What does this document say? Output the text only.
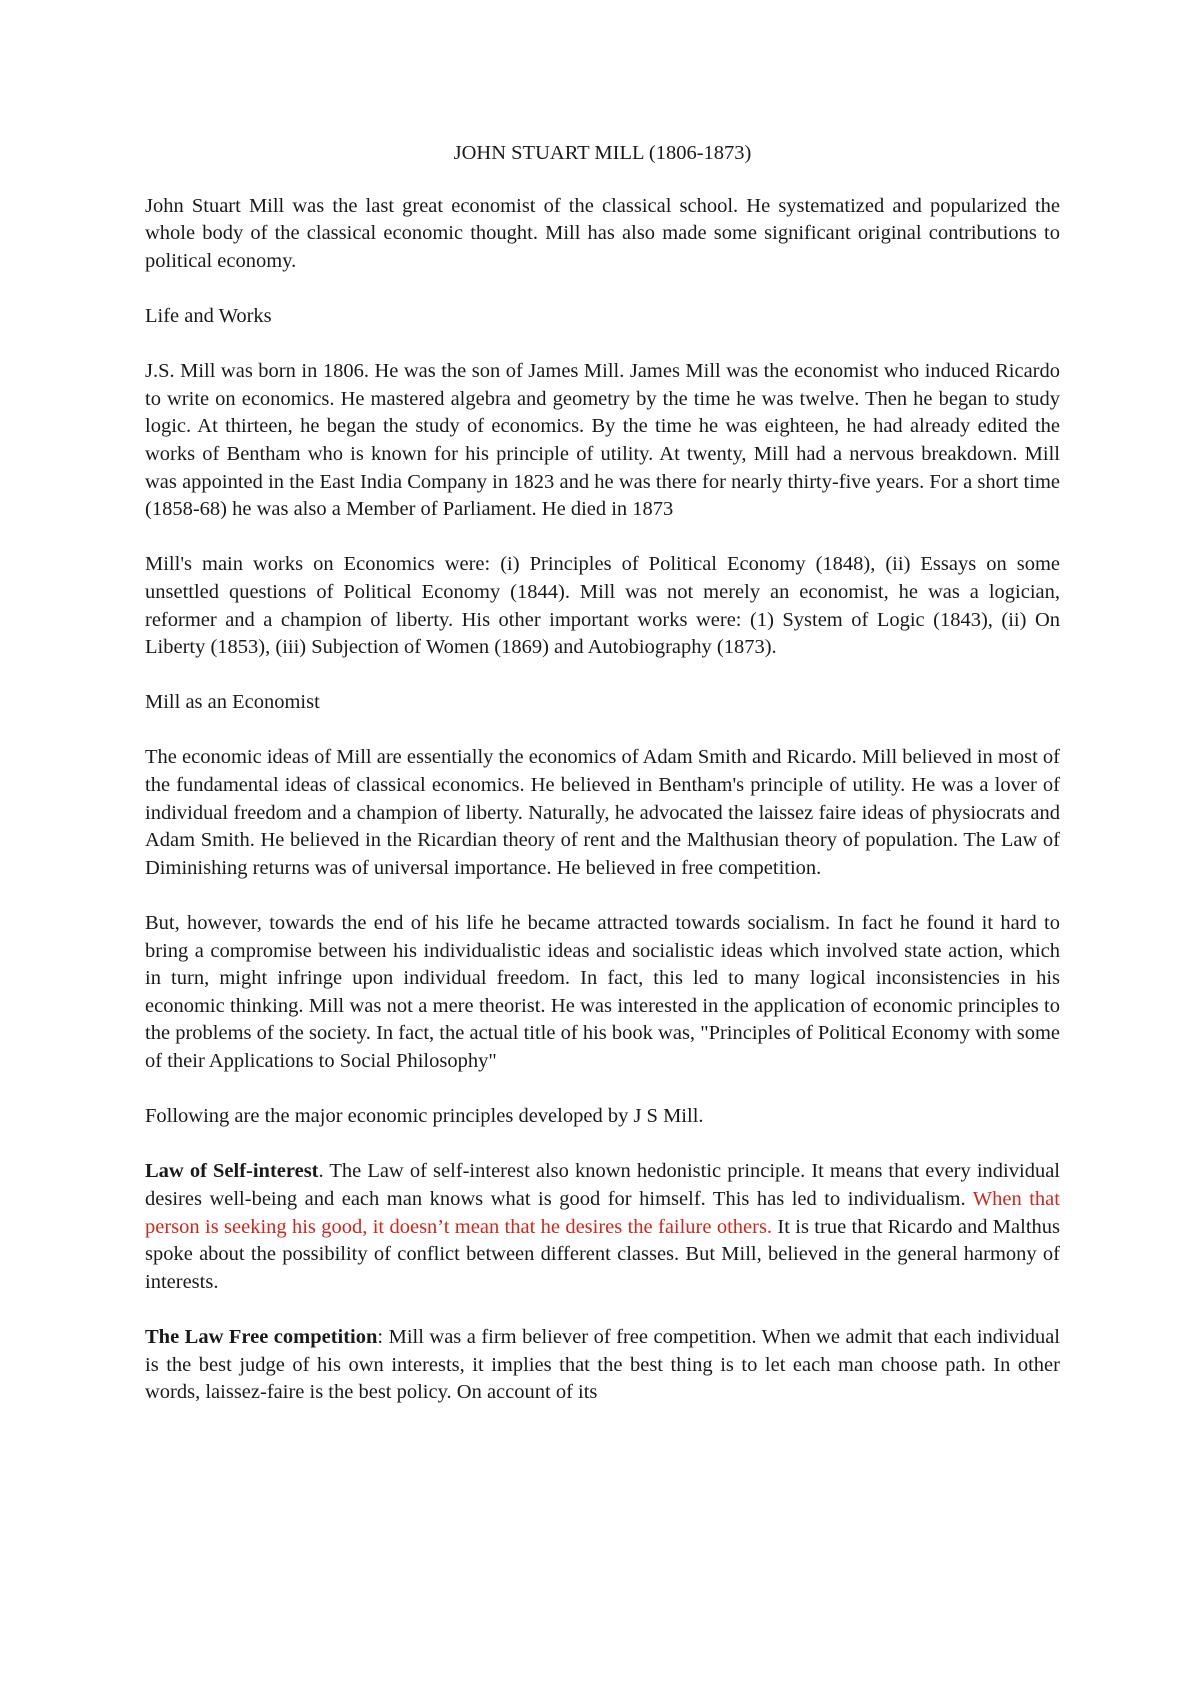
JOHN STUART MILL (1806-1873)

John Stuart Mill was the last great economist of the classical school. He systematized and popularized the whole body of the classical economic thought. Mill has also made some significant original contributions to political economy.

Life and Works

J.S. Mill was born in 1806. He was the son of James Mill. James Mill was the economist who induced Ricardo to write on economics. He mastered algebra and geometry by the time he was twelve. Then he began to study logic. At thirteen, he began the study of economics. By the time he was eighteen, he had already edited the works of Bentham who is known for his principle of utility. At twenty, Mill had a nervous breakdown. Mill was appointed in the East India Company in 1823 and he was there for nearly thirty-five years. For a short time (1858-68) he was also a Member of Parliament. He died in 1873

Mill's main works on Economics were: (i) Principles of Political Economy (1848), (ii) Essays on some unsettled questions of Political Economy (1844). Mill was not merely an economist, he was a logician, reformer and a champion of liberty. His other important works were: (1) System of Logic (1843), (ii) On Liberty (1853), (iii) Subjection of Women (1869) and Autobiography (1873).

Mill as an Economist

The economic ideas of Mill are essentially the economics of Adam Smith and Ricardo. Mill believed in most of the fundamental ideas of classical economics. He believed in Bentham's principle of utility. He was a lover of individual freedom and a champion of liberty. Naturally, he advocated the laissez faire ideas of physiocrats and Adam Smith. He believed in the Ricardian theory of rent and the Malthusian theory of population. The Law of Diminishing returns was of universal importance. He believed in free competition.

But, however, towards the end of his life he became attracted towards socialism. In fact he found it hard to bring a compromise between his individualistic ideas and socialistic ideas which involved state action, which in turn, might infringe upon individual freedom. In fact, this led to many logical inconsistencies in his economic thinking. Mill was not a mere theorist. He was interested in the application of economic principles to the problems of the society. In fact, the actual title of his book was, "Principles of Political Economy with some of their Applications to Social Philosophy"

Following are the major economic principles developed by J S Mill.

Law of Self-interest. The Law of self-interest also known hedonistic principle. It means that every individual desires well-being and each man knows what is good for himself. This has led to individualism. When that person is seeking his good, it doesn’t mean that he desires the failure others. It is true that Ricardo and Malthus spoke about the possibility of conflict between different classes. But Mill, believed in the general harmony of interests.

The Law Free competition: Mill was a firm believer of free competition. When we admit that each individual is the best judge of his own interests, it implies that the best thing is to let each man choose path. In other words, laissez-faire is the best policy. On account of its
